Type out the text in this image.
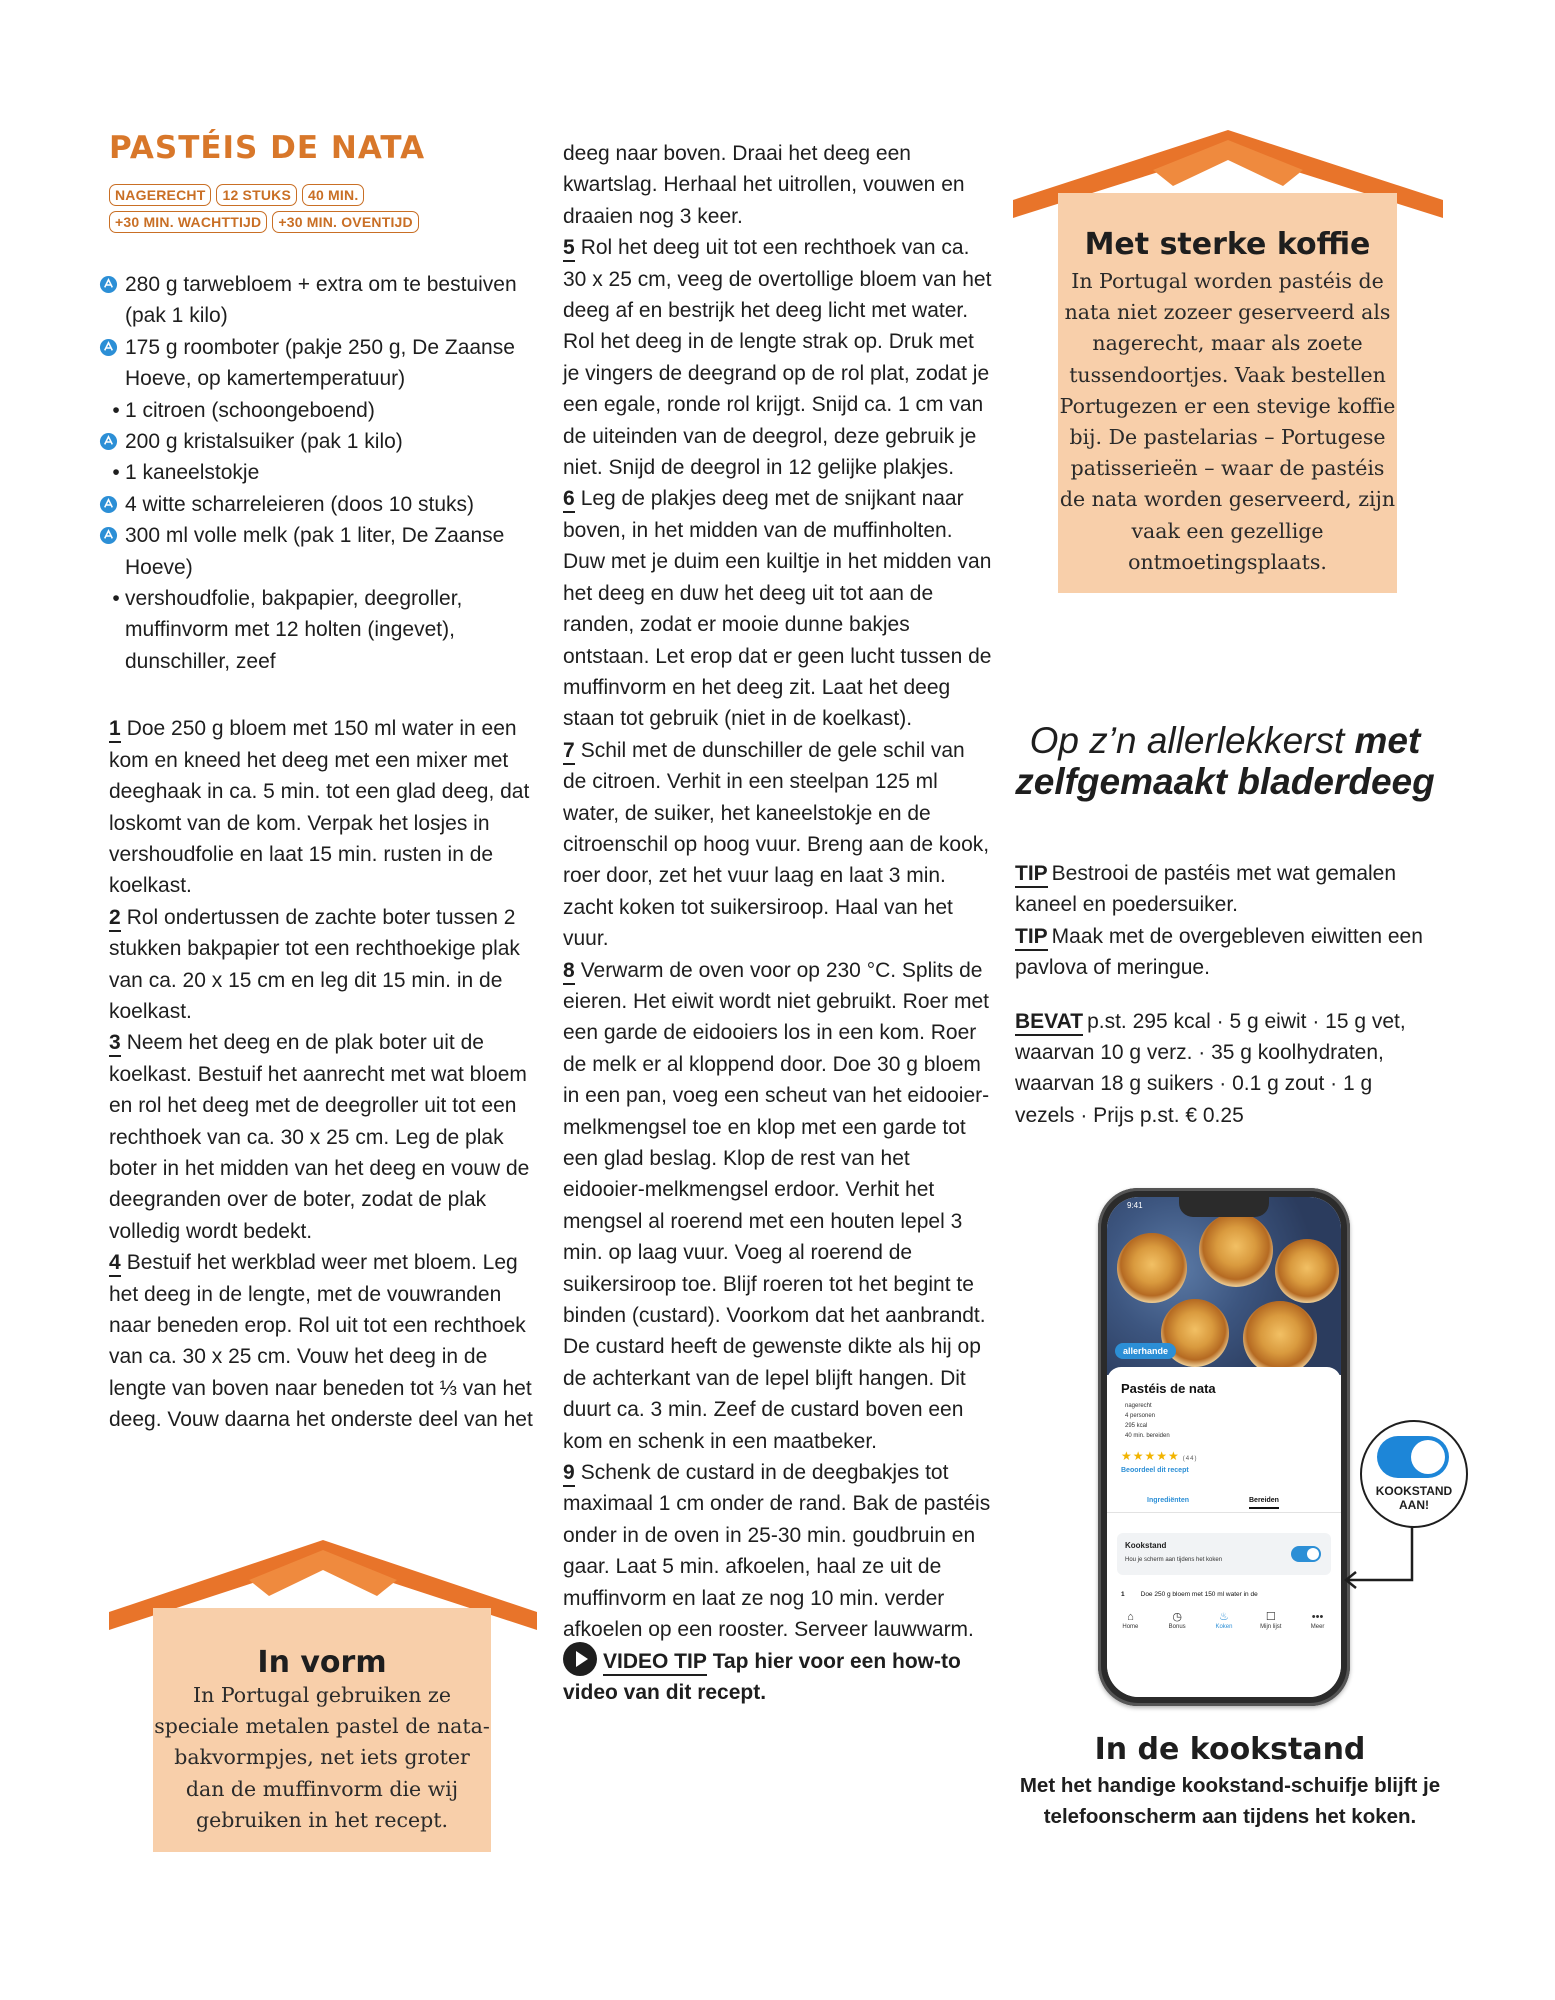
PASTÉIS DE NATA
NAGERECHT	12 STUKS	40 MIN.
+30 MIN. WACHTTIJD	+30 MIN. OVENTIJD
280 g tarwebloem + extra om te bestuiven (pak 1 kilo)
175 g roomboter (pakje 250 g, De Zaanse Hoeve, op kamertemperatuur)
• 1 citroen (schoongeboend)
200 g kristalsuiker (pak 1 kilo)
• 1 kaneelstokje
4 witte scharreleieren (doos 10 stuks)
300 ml volle melk (pak 1 liter, De Zaanse Hoeve)
• vershoudfolie, bakpapier, deegroller, muffinvorm met 12 holten (ingevet), dunschiller, zeef

1 Doe 250 g bloem met 150 ml water in een kom en kneed het deeg met een mixer met deeghaak in ca. 5 min. tot een glad deeg, dat loskomt van de kom. Verpak het losjes in vershoudfolie en laat 15 min. rusten in de koelkast.

2 Rol ondertussen de zachte boter tussen 2 stukken bakpapier tot een rechthoekige plak van ca. 20 x 15 cm en leg dit 15 min. in de koelkast.

3 Neem het deeg en de plak boter uit de koelkast. Bestuif het aanrecht met wat bloem en rol het deeg met de deegroller uit tot een rechthoek van ca. 30 x 25 cm. Leg de plak boter in het midden van het deeg en vouw de deegranden over de boter, zodat de plak volledig wordt bedekt.

4 Bestuif het werkblad weer met bloem. Leg het deeg in de lengte, met de vouwranden naar beneden erop. Rol uit tot een rechthoek van ca. 30 x 25 cm. Vouw het deeg in de lengte van boven naar beneden tot ⅓ van het deeg. Vouw daarna het onderste deel van het

deeg naar boven. Draai het deeg een kwartslag. Herhaal het uitrollen, vouwen en draaien nog 3 keer.

5 Rol het deeg uit tot een rechthoek van ca. 30 x 25 cm, veeg de overtollige bloem van het deeg af en bestrijk het deeg licht met water. Rol het deeg in de lengte strak op. Druk met je vingers de deegrand op de rol plat, zodat je een egale, ronde rol krijgt. Snijd ca. 1 cm van de uiteinden van de deegrol, deze gebruik je niet. Snijd de deegrol in 12 gelijke plakjes.

6 Leg de plakjes deeg met de snijkant naar boven, in het midden van de muffinholten. Duw met je duim een kuiltje in het midden van het deeg en duw het deeg uit tot aan de randen, zodat er mooie dunne bakjes ontstaan. Let erop dat er geen lucht tussen de muffinvorm en het deeg zit. Laat het deeg staan tot gebruik (niet in de koelkast).

7 Schil met de dunschiller de gele schil van de citroen. Verhit in een steelpan 125 ml water, de suiker, het kaneelstokje en de citroenschil op hoog vuur. Breng aan de kook, roer door, zet het vuur laag en laat 3 min. zacht koken tot suikersiroop. Haal van het vuur.

8 Verwarm de oven voor op 230 °C. Splits de eieren. Het eiwit wordt niet gebruikt. Roer met een garde de eidooiers los in een kom. Roer de melk er al kloppend door. Doe 30 g bloem in een pan, voeg een scheut van het eidooier-melkmengsel toe en klop met een garde tot een glad beslag. Klop de rest van het eidooier-melkmengsel erdoor. Verhit het mengsel al roerend met een houten lepel 3 min. op laag vuur. Voeg al roerend de suikersiroop toe. Blijf roeren tot het begint te binden (custard). Voorkom dat het aanbrandt. De custard heeft de gewenste dikte als hij op de achterkant van de lepel blijft hangen. Dit duurt ca. 3 min. Zeef de custard boven een kom en schenk in een maatbeker.

9 Schenk de custard in de deegbakjes tot maximaal 1 cm onder de rand. Bak de pastéis onder in de oven in 25-30 min. goudbruin en gaar. Laat 5 min. afkoelen, haal ze uit de muffinvorm en laat ze nog 10 min. verder afkoelen op een rooster. Serveer lauwwarm.

VIDEO TIP Tap hier voor een how-to video van dit recept.

Met sterke koffie

In Portugal worden pastéis de nata niet zozeer geserveerd als nagerecht, maar als zoete tussendoortjes. Vaak bestellen Portugezen er een stevige koffie bij. De pastelarias – Portugese patisserieën – waar de pastéis de nata worden geserveerd, zijn vaak een gezellige ontmoetingsplaats.

Op z’n allerlekkerst met zelfgemaakt bladerdeeg

TIP Bestrooi de pastéis met wat gemalen kaneel en poedersuiker.

TIP Maak met de overgebleven eiwitten een pavlova of meringue.

BEVAT p.st. 295 kcal · 5 g eiwit · 15 g vet, waarvan 10 g verz. · 35 g koolhydraten, waarvan 18 g suikers · 0.1 g zout · 1 g vezels · Prijs p.st. € 0.25

In vorm

In Portugal gebruiken ze speciale metalen pastel de nata-bakvormpjes, net iets groter dan de muffinvorm die wij gebruiken in het recept.

9:41
allerhande
Pastéis de nata
nagerecht
4 personen
295 kcal
40 min. bereiden
★★★★★ (44)
Beoordeel dit recept
Ingrediënten	Bereiden
Kookstand
Hou je scherm aan tijdens het koken
1 Doe 250 g bloem met 150 ml water in de
⌂
Home
◷
Bonus
♨
Koken
☐
Mijn lijst
•••
Meer
KOOKSTAND
AAN!
In de kookstand

Met het handige kookstand-schuifje blijft je telefoonscherm aan tijdens het koken.
